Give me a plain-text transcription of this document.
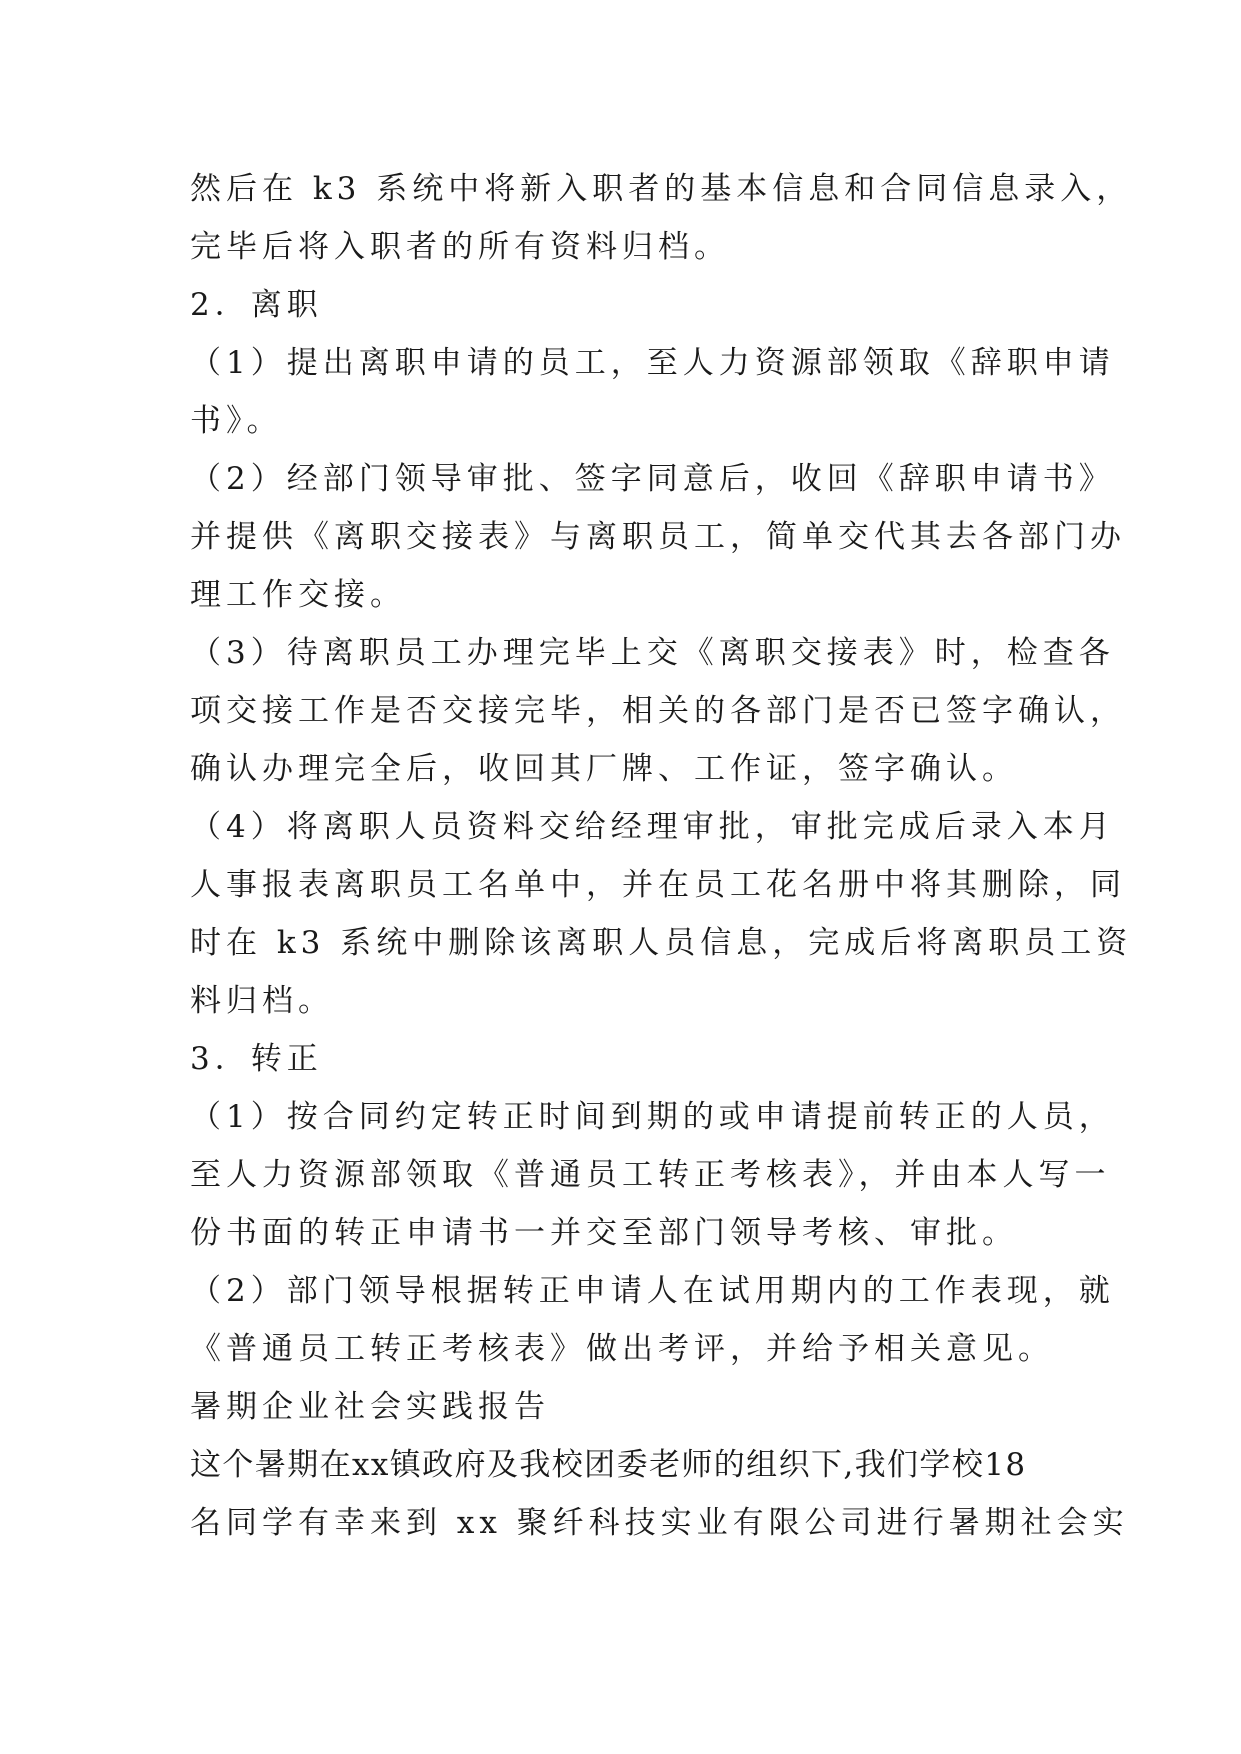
然后在 k3 系统中将新入职者的基本信息和合同信息录入，
完毕后将入职者的所有资料归档。
2．离职
（1）提出离职申请的员工，至人力资源部领取《辞职申请
书》。
（2）经部门领导审批、签字同意后，收回《辞职申请书》
并提供《离职交接表》与离职员工，简单交代其去各部门办
理工作交接。
（3）待离职员工办理完毕上交《离职交接表》时，检查各
项交接工作是否交接完毕，相关的各部门是否已签字确认，
确认办理完全后，收回其厂牌、工作证，签字确认。
（4）将离职人员资料交给经理审批，审批完成后录入本月
人事报表离职员工名单中，并在员工花名册中将其删除，同
时在 k3 系统中删除该离职人员信息，完成后将离职员工资
料归档。
3．转正
（1）按合同约定转正时间到期的或申请提前转正的人员，
至人力资源部领取《普通员工转正考核表》，并由本人写一
份书面的转正申请书一并交至部门领导考核、审批。
（2）部门领导根据转正申请人在试用期内的工作表现，就
《普通员工转正考核表》做出考评，并给予相关意见。
暑期企业社会实践报告
这个暑期在xx镇政府及我校团委老师的组织下,我们学校18
名同学有幸来到 xx 聚纤科技实业有限公司进行暑期社会实
